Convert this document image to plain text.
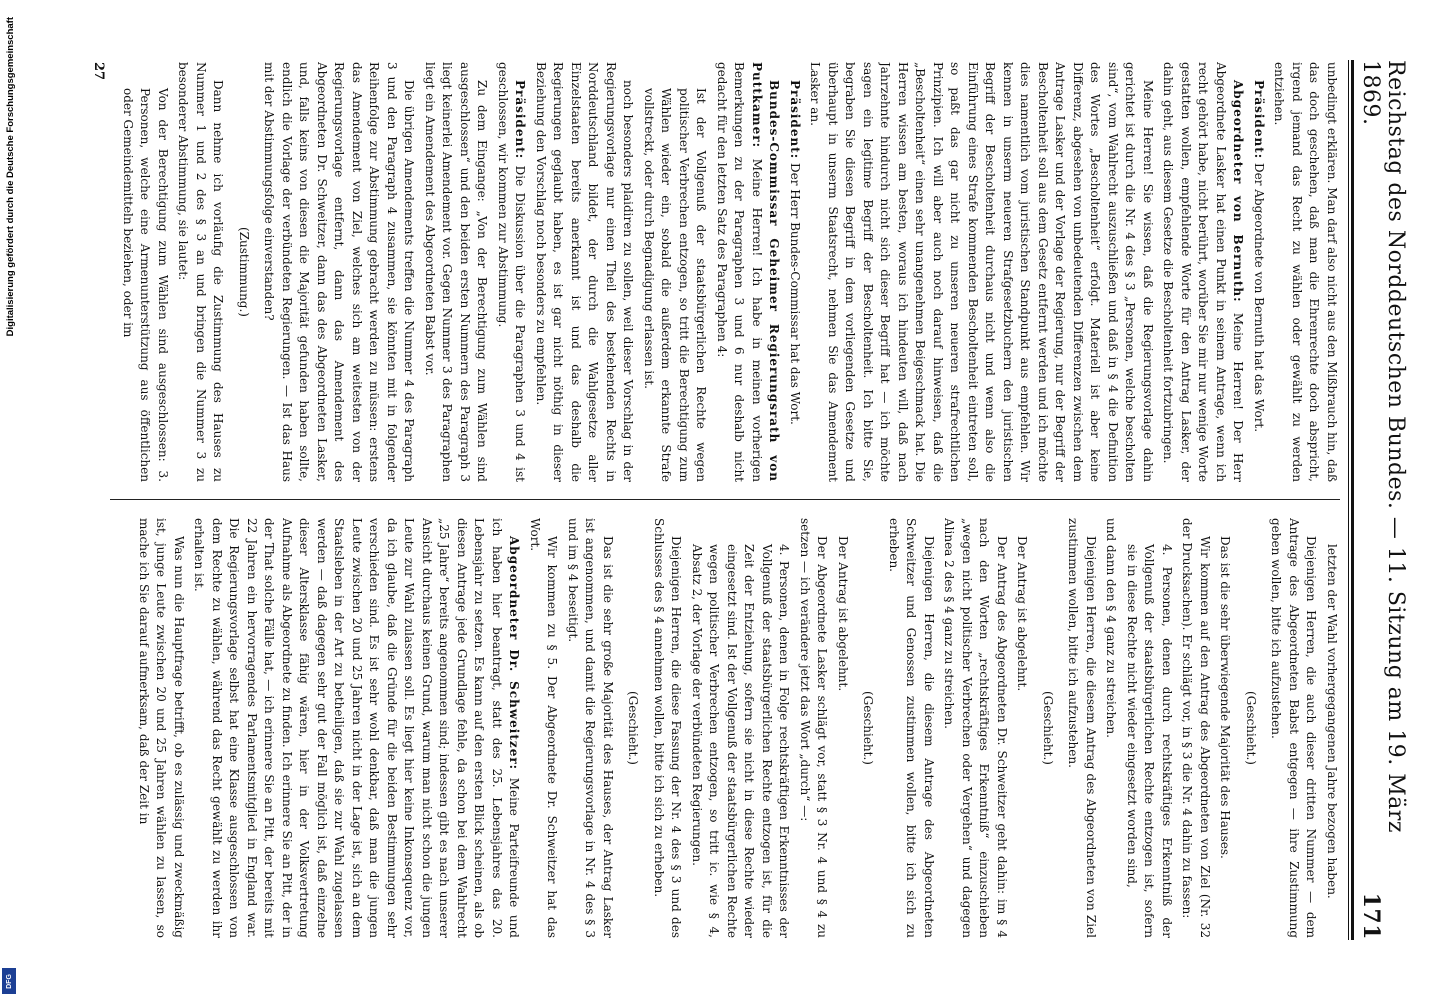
Reichstag des Norddeutschen Bundes. — 11. Sitzung am 19. März 1869.
171

unbedingt erklären. Man darf also nicht aus den Mißbrauch hin, daß das doch geschehen, daß man die Ehrenrechte doch abspricht, irgend jemand das Recht zu wählen oder gewählt zu werden entziehen.

Präsident: Der Abgeordnete von Bernuth hat das Wort.

Abgeordneter von Bernuth: Meine Herren! Der Herr Abgeordnete Lasker hat einen Punkt in seinem Antrage, wenn ich recht gehört habe, nicht berührt, worüber Sie mir nur wenige Worte gestatten wollen, empfehlende Worte für den Antrag Lasker, der dahin geht, aus diesem Gesetze die Bescholtenheit fortzubringen.

Meine Herren! Sie wissen, daß die Regierungsvorlage dahin gerichtet ist durch die Nr. 4 des § 3 „Personen, welche bescholten sind“, vom Wahlrecht auszuschließen und daß in § 4 die Definition des Wortes „Bescholtenheit“ erfolgt. Materiell ist aber keine Differenz, abgesehen von unbedeutenden Differenzen zwischen dem Antrage Lasker und der Vorlage der Regierung, nur der Begriff der Bescholtenheit soll aus dem Gesetz entfernt werden und ich möchte dies namentlich vom juristischen Standpunkt aus empfehlen. Wir kennen in unserm neueren Strafgesetzbuchern den juristischen Begriff der Bescholtenheit durchaus nicht und wenn also die Einführung eines Strafe kommenden Bescholtenheit eintreten soll, so paßt das gar nicht zu unseren neueren strafrechtlichen Prinzipien. Ich will aber auch noch darauf hinweisen, daß die „Bescholtenheit“ einen sehr unangenehmen Beigeschmack hat. Die Herren wissen am besten, woraus ich hindeuten will, daß nach Jahrzehnte hindurch nicht sich dieser Begriff hat — ich möchte sagen ein legitime Begriff der Bescholtenheit. Ich bitte Sie, begraben Sie diesen Begriff in dem vorliegenden Gesetze und überhaupt in unserm Staatsrecht, nehmen Sie das Amendement Lasker an.

Präsident: Der Herr Bundes-Commissar hat das Wort.

Bundes-Commissar Geheimer Regierungsrath von Puttkamer: Meine Herren! Ich habe in meinen vorherigen Bemerkungen zu der Paragraphen 3 und 6 nur deshalb nicht gedacht für den letzten Satz des Paragraphen 4:

Ist der Vollgenuß der staatsbürgerlichen Rechte wegen politischer Verbrechen entzogen, so tritt die Berechtigung zum Wählen wieder ein, sobald die außerdem erkannte Strafe vollstreckt, oder durch Begnadigung erlassen ist.

noch besonders plaidiren zu sollen, weil dieser Vorschlag in der Regierungsvorlage nur einen Theil des bestehenden Rechts in Norddeutschland bildet, der durch die Wahlgesetze aller Einzelstaaten bereits anerkannt ist und das deshalb die Regierungen geglaubt haben, es ist gar nicht nöthig in dieser Beziehung den Vorschlag noch besonders zu empfehlen.

Präsident: Die Diskussion über die Paragraphen 3 und 4 ist geschlossen, wir kommen zur Abstimmung.

Zu dem Eingange: „Von der Berechtigung zum Wählen sind ausgeschlossen“ und den beiden ersten Nummern des Paragraph 3 liegt keinerlei Amendement vor. Gegen Nummer 3 des Paragraphen liegt ein Amendement des Abgeordneten Babst vor.

Die übrigen Amendements treffen die Nummer 4 des Paragraph 3 und den Paragraph 4 zusammen, sie könnten mit in folgender Reihenfolge zur Abstimmung gebracht werden zu müssen: erstens das Amendement von Ziel, welches sich am weitesten von der Regierungsvorlage entfernt, dann das Amendement des Abgeordneten Dr. Schweitzer, dann das des Abgeordneten Lasker, und, falls keins von diesen die Majorität gefunden haben sollte, endlich die Vorlage der verbündeten Regierungen. — Ist das Haus mit der Abstimmungsfolge einverstanden?

(Zustimmung.)

Dann nehme ich vorläufig die Zustimmung des Hauses zu Nummer 1 und 2 des § 3 an und bringen die Nummer 3 zu besonderer Abstimmung, sie lautet:

Von der Berechtigung zum Wählen sind ausgeschlossen: 3. Personen, welche eine Armenunterstützung aus öffentlichen oder Gemeindemitteln beziehen, oder im

letzten der Wahl vorhergegangenen Jahre bezogen haben.

Diejenigen Herren, die auch dieser dritten Nummer — dem Antrage des Abgeordneten Babst entgegen — ihre Zustimmung geben wollen, bitte ich aufzustehen.

(Geschieht.)

Das ist die sehr überwiegende Majorität des Hauses.

Wir kommen auf den Antrag des Abgeordneten von Ziel (Nr. 32 der Drucksachen). Er schlägt vor, in § 3 die Nr. 4 dahin zu fassen:

4. Personen, denen durch rechtskräftiges Erkenntniß der Vollgenuß der staatsbürgerlichen Rechte entzogen ist, sofern sie in diese Rechte nicht wieder eingesetzt worden sind,

und dann den § 4 ganz zu streichen.

Diejenigen Herren, die diesem Antrag des Abgeordneten von Ziel zustimmen wollen, bitte ich aufzustehen.

(Geschieht.)

Der Antrag ist abgelehnt.

Der Antrag des Abgeordneten Dr. Schweitzer geht dahin: im § 4 nach den Worten „rechtskräftiges Erkenntniß“ einzuschieben „wegen nicht politischer Verbrechen oder Vergehen“ und dagegen Alinea 2 des § 4 ganz zu streichen.

Diejenigen Herren, die diesem Antrage des Abgeordneten Schweitzer und Genossen zustimmen wollen, bitte ich sich zu erheben.

(Geschieht.)

Der Antrag ist abgelehnt.

Der Abgeordnete Lasker schlägt vor, statt § 3 Nr. 4 und § 4 zu setzen — ich verändere jetzt das Wort „durch“ —:

4. Personen, denen in Folge rechtskräftigen Erkenntnisses der Vollgenuß der staatsbürgerlichen Rechte entzogen ist, für die Zeit der Entziehung, sofern sie nicht in diese Rechte wieder eingesetzt sind. Ist der Vollgenuß der staatsbürgerlichen Rechte wegen politischer Verbrechen entzogen, so tritt ic. wie § 4, Absatz 2, der Vorlage der verbündeten Regierungen.

Diejenigen Herren, die diese Fassung der Nr. 4 des § 3 und des Schlusses des § 4 annehmen wollen, bitte ich sich zu erheben.

(Geschieht.)

Das ist die sehr große Majorität des Hauses, der Antrag Lasker ist angenommen, und damit die Regierungsvorlage in Nr. 4 des § 3 und im § 4 beseitigt.

Wir kommen zu § 5. Der Abgeordnete Dr. Schweitzer hat das Wort.

Abgeordneter Dr. Schweitzer: Meine Parteifreunde und ich haben hier beantragt, statt des 25. Lebensjahres das 20. Lebensjahr zu setzen. Es kann auf den ersten Blick scheinen, als ob diesen Antrage jede Grundlage fehle, da schon bei dem Wahlrecht „25 Jahre“ bereits angenommen sind; indessen gibt es nach unserer Ansicht durchaus keinen Grund, warum man nicht schon die jungen Leute zur Wahl zulassen soll. Es liegt hier keine Inkonsequenz vor, da ich glaube, daß die Gründe für die beiden Bestimmungen sehr verschieden sind. Es ist sehr wohl denkbar, daß man die jungen Leute zwischen 20 und 25 Jahren nicht in der Lage ist, sich an dem Staatsleben in der Art zu betheiligen, daß sie zur Wahl zugelassen werden — daß dagegen sehr gut der Fall möglich ist, daß einzelne dieser Altersklasse fähig wären, hier in der Volksvertretung Aufnahme als Abgeordnete zu finden. Ich erinnere Sie an Pitt, der in der That solche Fälle hat, — ich erinnere Sie an Pitt, der bereits mit 22 Jahren ein hervorragendes Parlamentsmitglied in England war. Die Regierungsvorlage selbst hat eine Klasse ausgeschlossen von dem Rechte zu wählen, während das Recht gewählt zu werden ihr erhalten ist.

Was nun die Hauptfrage betrifft, ob es zulässig und zweckmäßig ist, junge Leute zwischen 20 und 25 Jahren wählen zu lassen, so mache ich Sie darauf aufmerksam, daß der Zeit in

27
Digitalisierung gefördert durch die Deutsche Forschungsgemeinschaft
DFG
